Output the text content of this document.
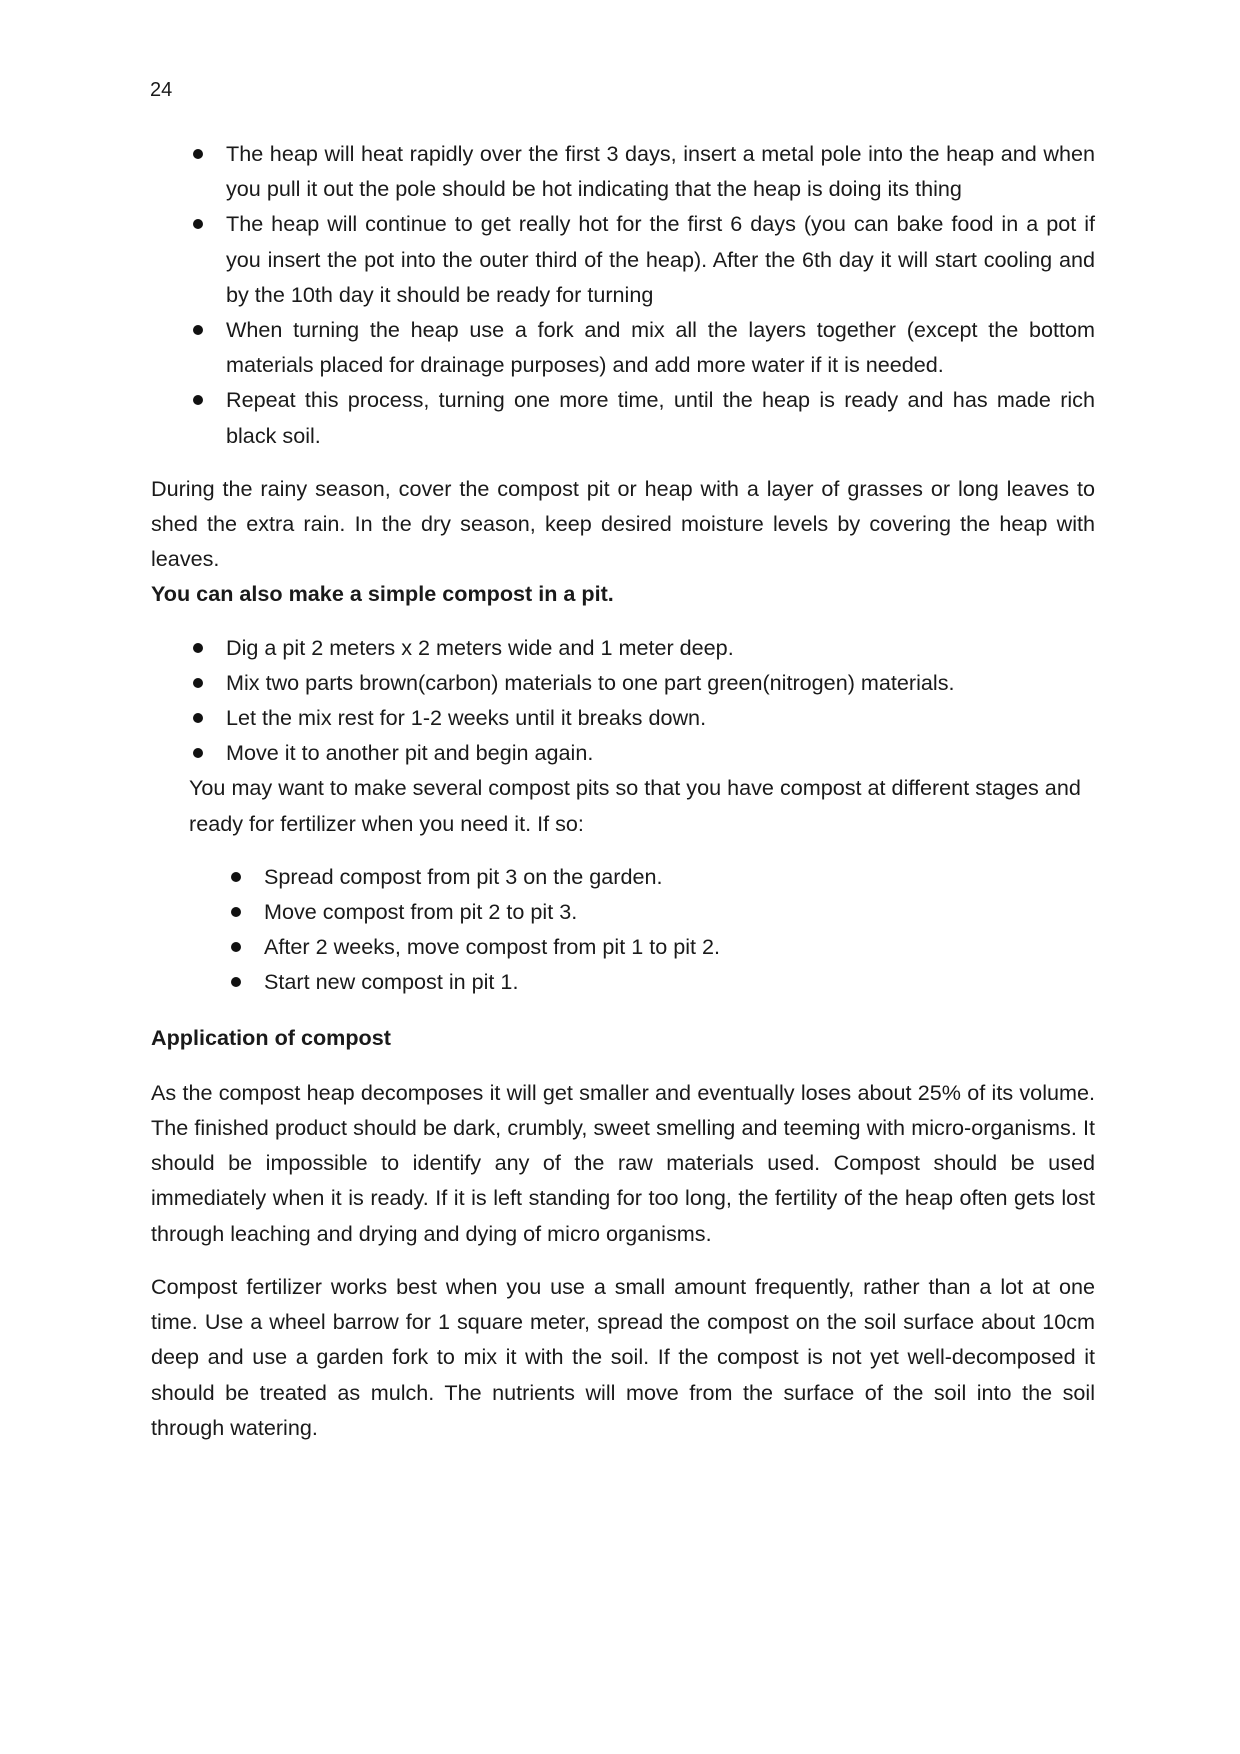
24
The heap will heat rapidly over the first 3 days, insert a metal pole into the heap and when you pull it out the pole should be hot indicating that the heap is doing its thing
The heap will continue to get really hot for the first 6 days (you can bake food in a pot if you insert the pot into the outer third of the heap). After the 6th day it will start cooling and by the 10th day it should be ready for turning
When turning the heap use a fork and mix all the layers together (except the bottom materials placed for drainage purposes) and add more water if it is needed.
Repeat this process, turning one more time, until the heap is ready and has made rich black soil.

During the rainy season, cover the compost pit or heap with a layer of grasses or long leaves to shed the extra rain. In the dry season, keep desired moisture levels by covering the heap with leaves.

You can also make a simple compost in a pit.

Dig a pit 2 meters x 2 meters wide and 1 meter deep.
Mix two parts brown(carbon) materials to one part green(nitrogen) materials.
Let the mix rest for 1-2 weeks until it breaks down.
Move it to another pit and begin again.

You may want to make several compost pits so that you have compost at different stages and ready for fertilizer when you need it. If so:

Spread compost from pit 3 on the garden.
Move compost from pit 2 to pit 3.
After 2 weeks, move compost from pit 1 to pit 2.
Start new compost in pit 1.

Application of compost

As the compost heap decomposes it will get smaller and eventually loses about 25% of its volume. The finished product should be dark, crumbly, sweet smelling and teeming with micro-organisms. It should be impossible to identify any of the raw materials used. Compost should be used immediately when it is ready. If it is left standing for too long, the fertility of the heap often gets lost through leaching and drying and dying of micro organisms.

Compost fertilizer works best when you use a small amount frequently, rather than a lot at one time. Use a wheel barrow for 1 square meter, spread the compost on the soil surface about 10cm deep and use a garden fork to mix it with the soil. If the compost is not yet well-decomposed it should be treated as mulch. The nutrients will move from the surface of the soil into the soil through watering.
